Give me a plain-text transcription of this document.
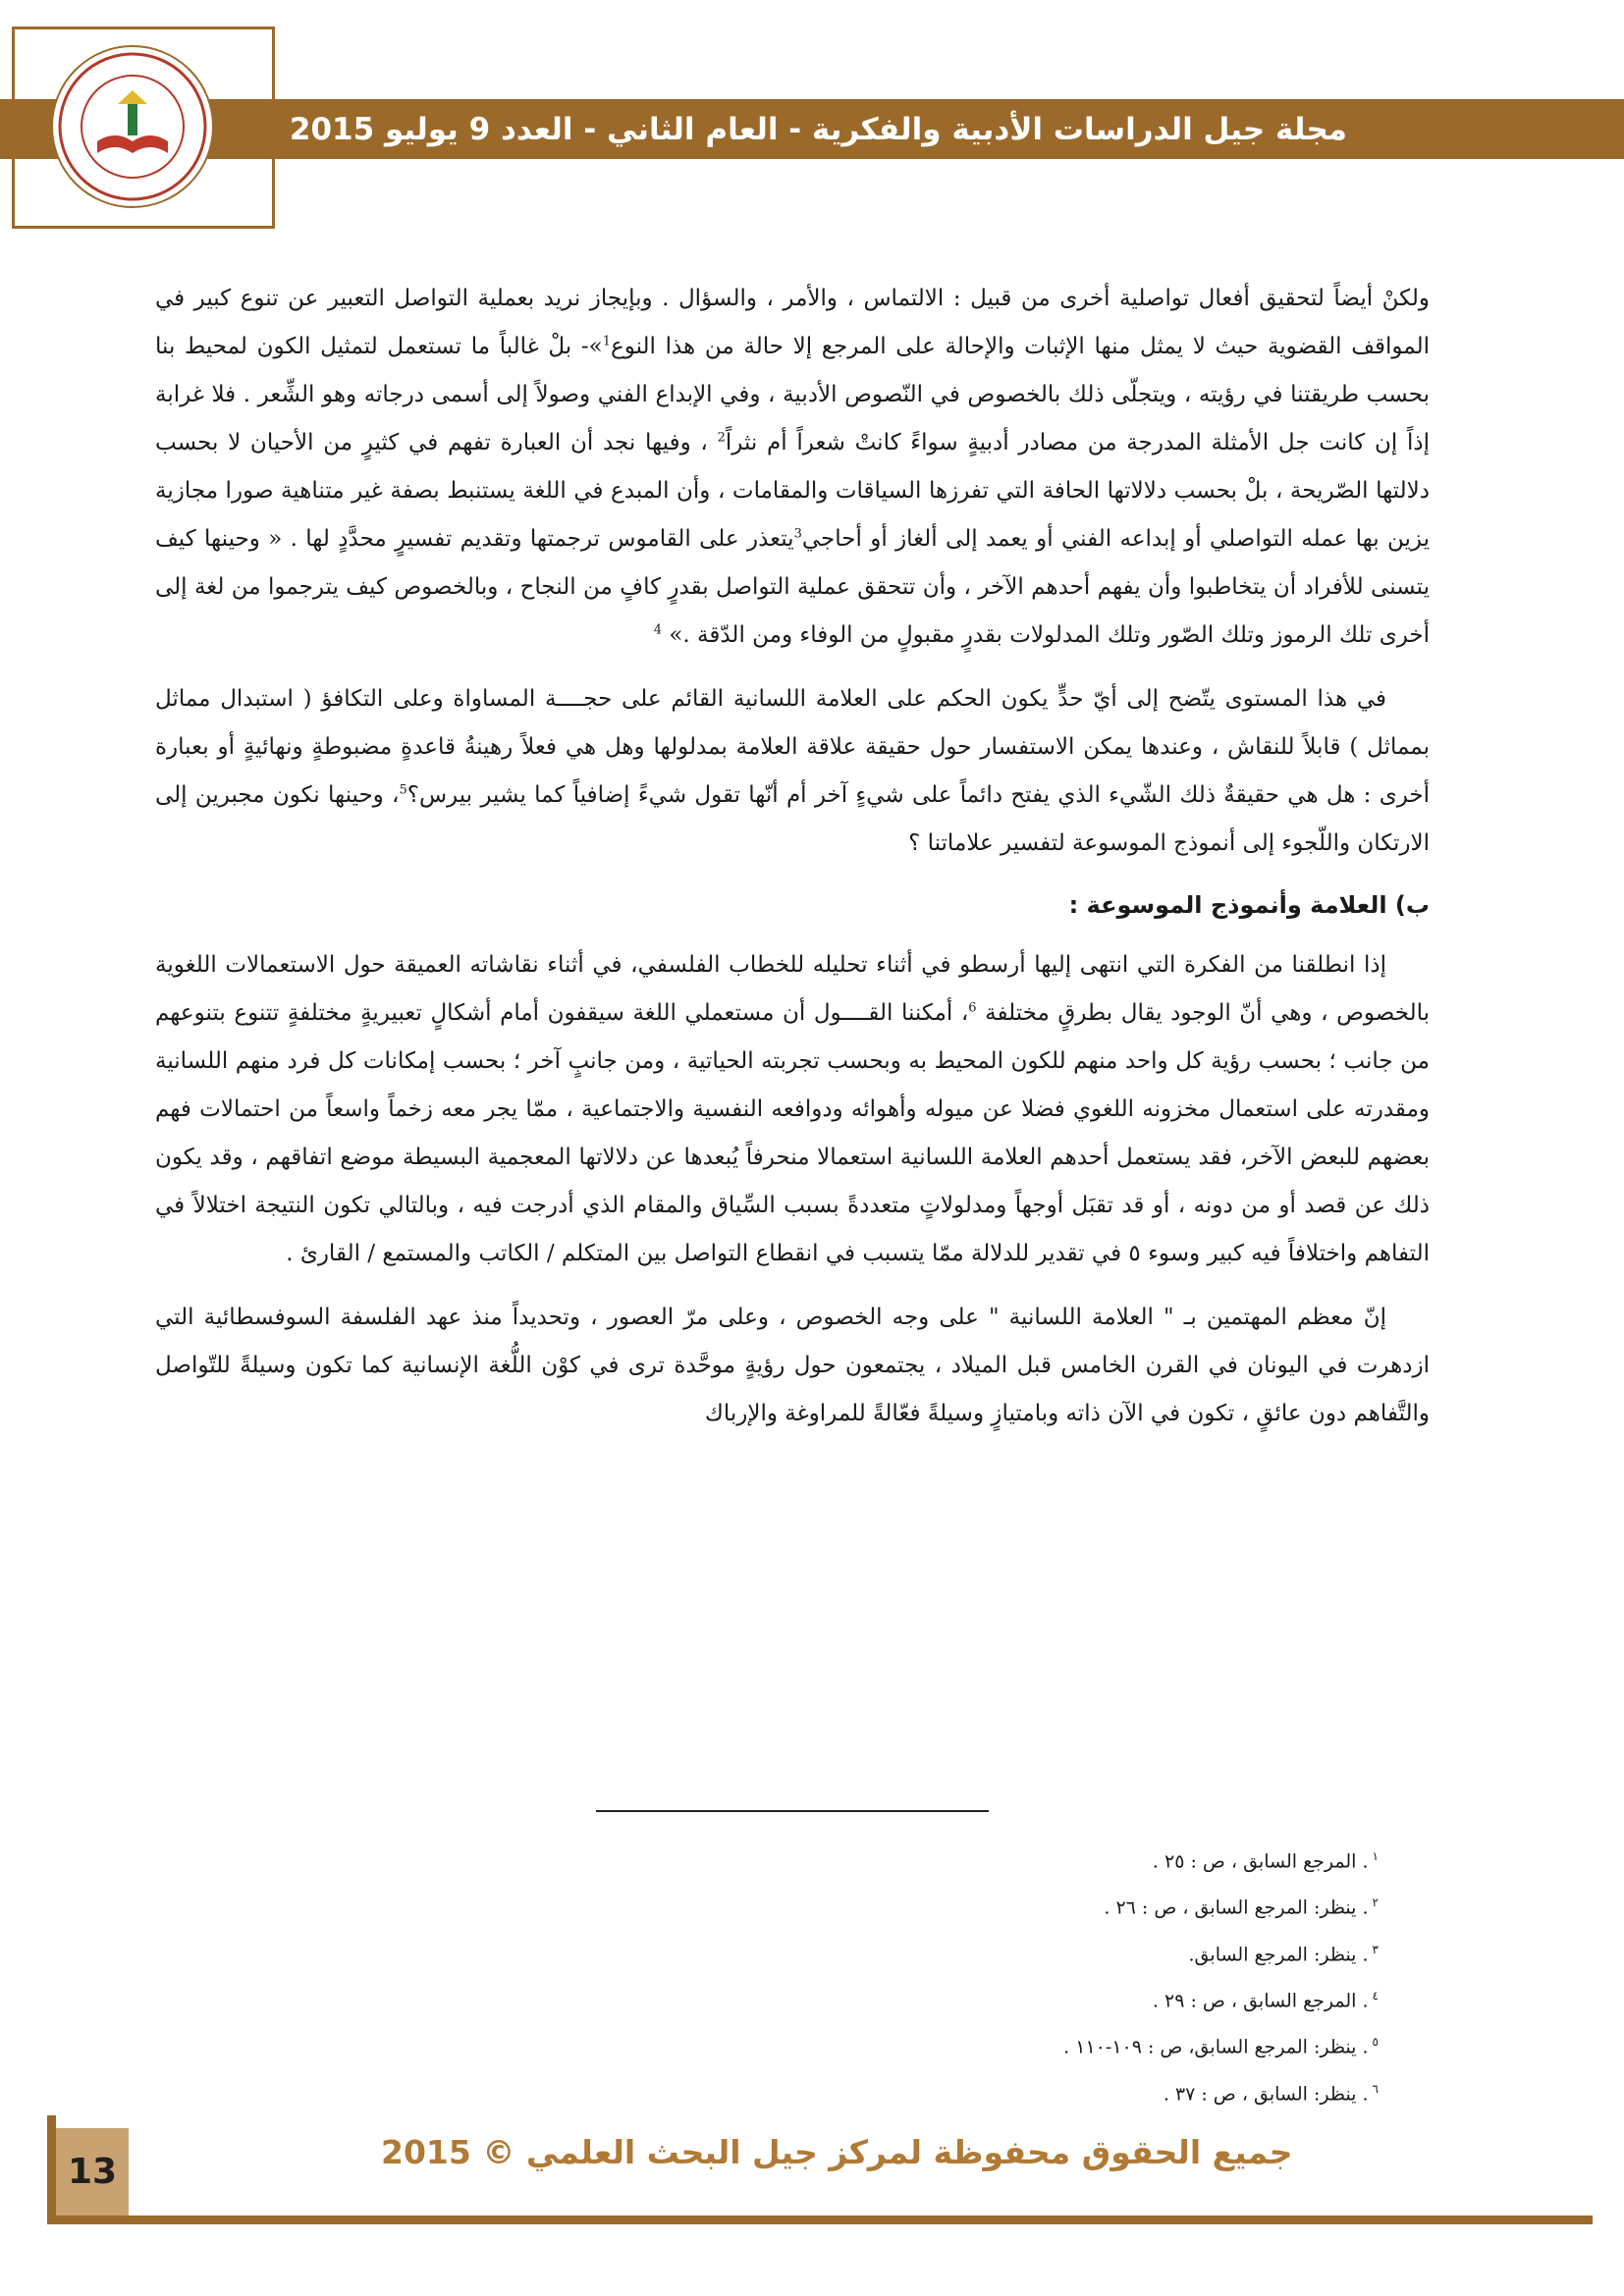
مجلة جيل الدراسات الأدبية والفكرية - العام الثاني - العدد 9 يوليو 2015

ولكنْ أيضاً لتحقيق أفعال تواصلية أخرى من قبيل : الالتماس ، والأمر ، والسؤال . وبإيجاز نريد بعملية التواصل التعبير عن تنوع كبير في المواقف القضوية حيث لا يمثل منها الإثبات والإحالة على المرجع إلا حالة من هذا النوع$^1$»- بلْ غالباً ما تستعمل لتمثيل الكون لمحيط بنا بحسب طريقتنا في رؤيته ، ويتجلّى ذلك بالخصوص في النّصوص الأدبية ، وفي الإبداع الفني وصولاً إلى أسمى درجاته وهو الشِّعر . فلا غرابة إذاً إن كانت جل الأمثلة المدرجة من مصادر أدبيةٍ سواءً كانتْ شعراً أم نثراً$^2$ ، وفيها نجد أن العبارة تفهم في كثيرٍ من الأحيان لا بحسب دلالتها الصّريحة ، بلْ بحسب دلالاتها الحافة التي تفرزها السياقات والمقامات ، وأن المبدع في اللغة يستنبط بصفة غير متناهية صورا مجازية يزين بها عمله التواصلي أو إبداعه الفني أو يعمد إلى ألغاز أو أحاجي$^3$يتعذر على القاموس ترجمتها وتقديم تفسيرٍ محدَّدٍ لها . « وحينها كيف يتسنى للأفراد أن يتخاطبوا وأن يفهم أحدهم الآخر ، وأن تتحقق عملية التواصل بقدرٍ كافٍ من النجاح ، وبالخصوص كيف يترجموا من لغة إلى أخرى تلك الرموز وتلك الصّور وتلك المدلولات بقدرٍ مقبولٍ من الوفاء ومن الدّقة .» $^4$

في هذا المستوى يتّضح إلى أيّ حدٍّ يكون الحكم على العلامة اللسانية القائم على حجــــة المساواة وعلى التكافؤ ( استبدال مماثل بمماثل ) قابلاً للنقاش ، وعندها يمكن الاستفسار حول حقيقة علاقة العلامة بمدلولها وهل هي فعلاً رهينةُ قاعدةٍ مضبوطةٍ ونهائيةٍ أو بعبارة أخرى : هل هي حقيقةٌ ذلك الشّيء الذي يفتح دائماً على شيءٍ آخر أم أنّها تقول شيءً إضافياً كما يشير بيرس؟$^5$، وحينها نكون مجبرين إلى الارتكان واللّجوء إلى أنموذج الموسوعة لتفسير علاماتنا ؟

ب) العلامة وأنموذج الموسوعة :

إذا انطلقنا من الفكرة التي انتهى إليها أرسطو في أثناء تحليله للخطاب الفلسفي، في أثناء نقاشاته العميقة حول الاستعمالات اللغوية بالخصوص ، وهي أنّ الوجود يقال بطرقٍ مختلفة $^6$، أمكننا القــــول أن مستعملي اللغة سيقفون أمام أشكالٍ تعبيريةٍ مختلفةٍ تتنوع بتنوعهم من جانب ؛ بحسب رؤية كل واحد منهم للكون المحيط به وبحسب تجربته الحياتية ، ومن جانبٍ آخر ؛ بحسب إمكانات كل فرد منهم اللسانية ومقدرته على استعمال مخزونه اللغوي فضلا عن ميوله وأهوائه ودوافعه النفسية والاجتماعية ، ممّا يجر معه زخماً واسعاً من احتمالات فهم بعضهم للبعض الآخر، فقد يستعمل أحدهم العلامة اللسانية استعمالا منحرفاً يُبعدها عن دلالاتها المعجمية البسيطة موضع اتفاقهم ، وقد يكون ذلك عن قصد أو من دونه ، أو قد تقبَل أوجهاً ومدلولاتٍ متعددةً بسبب السِّياق والمقام الذي أدرجت فيه ، وبالتالي تكون النتيجة اختلالاً في التفاهم واختلافاً فيه كبير وسوء ٥ في تقدير للدلالة ممّا يتسبب في انقطاع التواصل بين المتكلم / الكاتب والمستمع / القارئ .

إنّ معظم المهتمين بـ " العلامة اللسانية " على وجه الخصوص ، وعلى مرّ العصور ، وتحديداً منذ عهد الفلسفة السوفسطائية التي ازدهرت في اليونان في القرن الخامس قبل الميلاد ، يجتمعون حول رؤيةٍ موحَّدة ترى في كوْن اللُّغة الإنسانية كما تكون وسيلةً للتّواصل والتَّفاهم دون عائقٍ ، تكون في الآن ذاته وبامتيازٍ وسيلةً فعّالةً للمراوغة والإرباك

$^١$. المرجع السابق ، ص : ٢٥ .
$^٢$. ينظر: المرجع السابق ، ص : ٢٦ .
$^٣$. ينظر: المرجع السابق.
$^٤$. المرجع السابق ، ص : ٢٩ .
$^٥$. ينظر: المرجع السابق، ص : ١٠٩-١١٠ .
$^٦$. ينظر: السابق ، ص : ٣٧ .
13	جميع الحقوق محفوظة لمركز جيل البحث العلمي © 2015
